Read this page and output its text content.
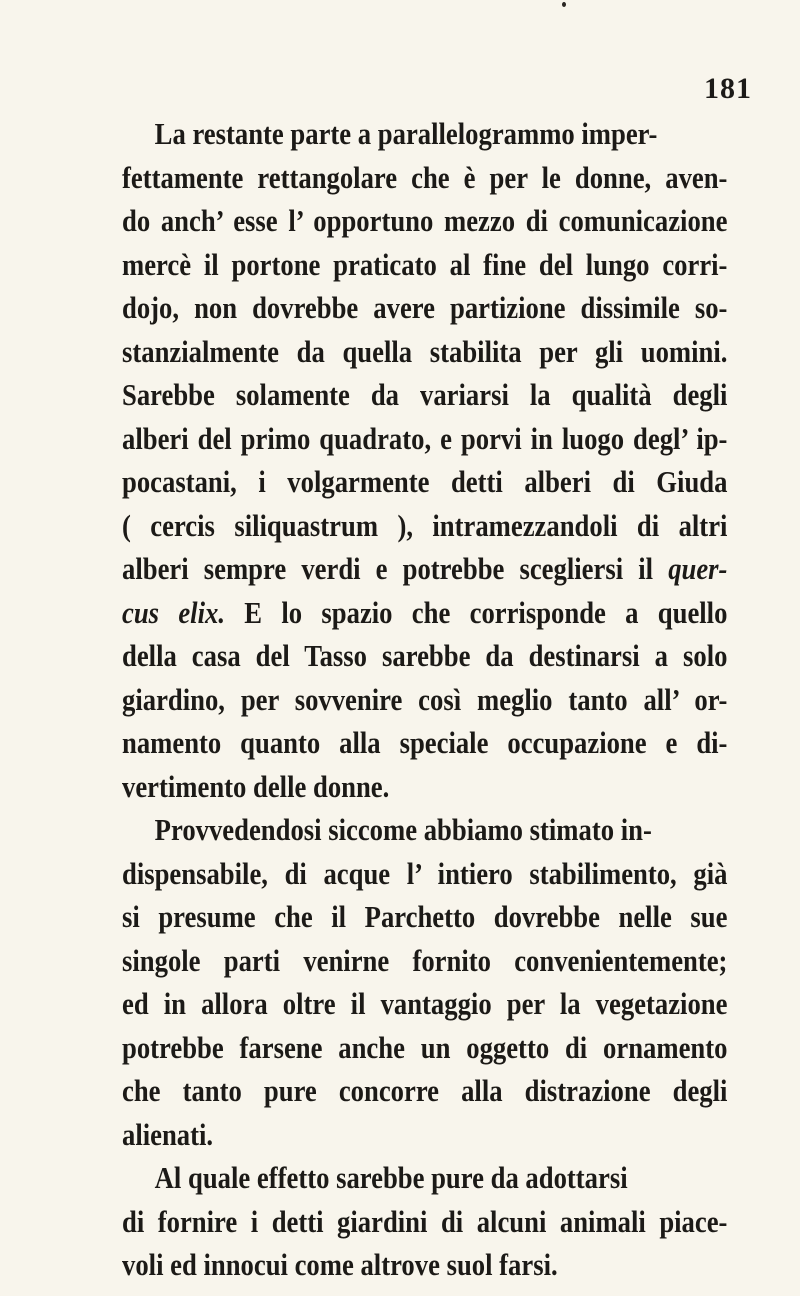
181
La restante parte a parallelogrammo imper-
fettamente rettangolare che è per le donne, aven-
do anch’ esse l’ opportuno mezzo di comunicazione
mercè il portone praticato al fine del lungo corri-
dojo, non dovrebbe avere partizione dissimile so-
stanzialmente da quella stabilita per gli uomini.
Sarebbe solamente da variarsi la qualità degli
alberi del primo quadrato, e porvi in luogo degl’ ip-
pocastani, i volgarmente detti alberi di Giuda
( cercis siliquastrum ), intramezzandoli di altri
alberi sempre verdi e potrebbe scegliersi il quer-
cus elix. E lo spazio che corrisponde a quello
della casa del Tasso sarebbe da destinarsi a solo
giardino, per sovvenire così meglio tanto all’ or-
namento quanto alla speciale occupazione e di-
vertimento delle donne.
Provvedendosi siccome abbiamo stimato in-
dispensabile, di acque l’ intiero stabilimento, già
si presume che il Parchetto dovrebbe nelle sue
singole parti venirne fornito convenientemente;
ed in allora oltre il vantaggio per la vegetazione
potrebbe farsene anche un oggetto di ornamento
che tanto pure concorre alla distrazione degli
alienati.
Al quale effetto sarebbe pure da adottarsi
di fornire i detti giardini di alcuni animali piace-
voli ed innocui come altrove suol farsi.
